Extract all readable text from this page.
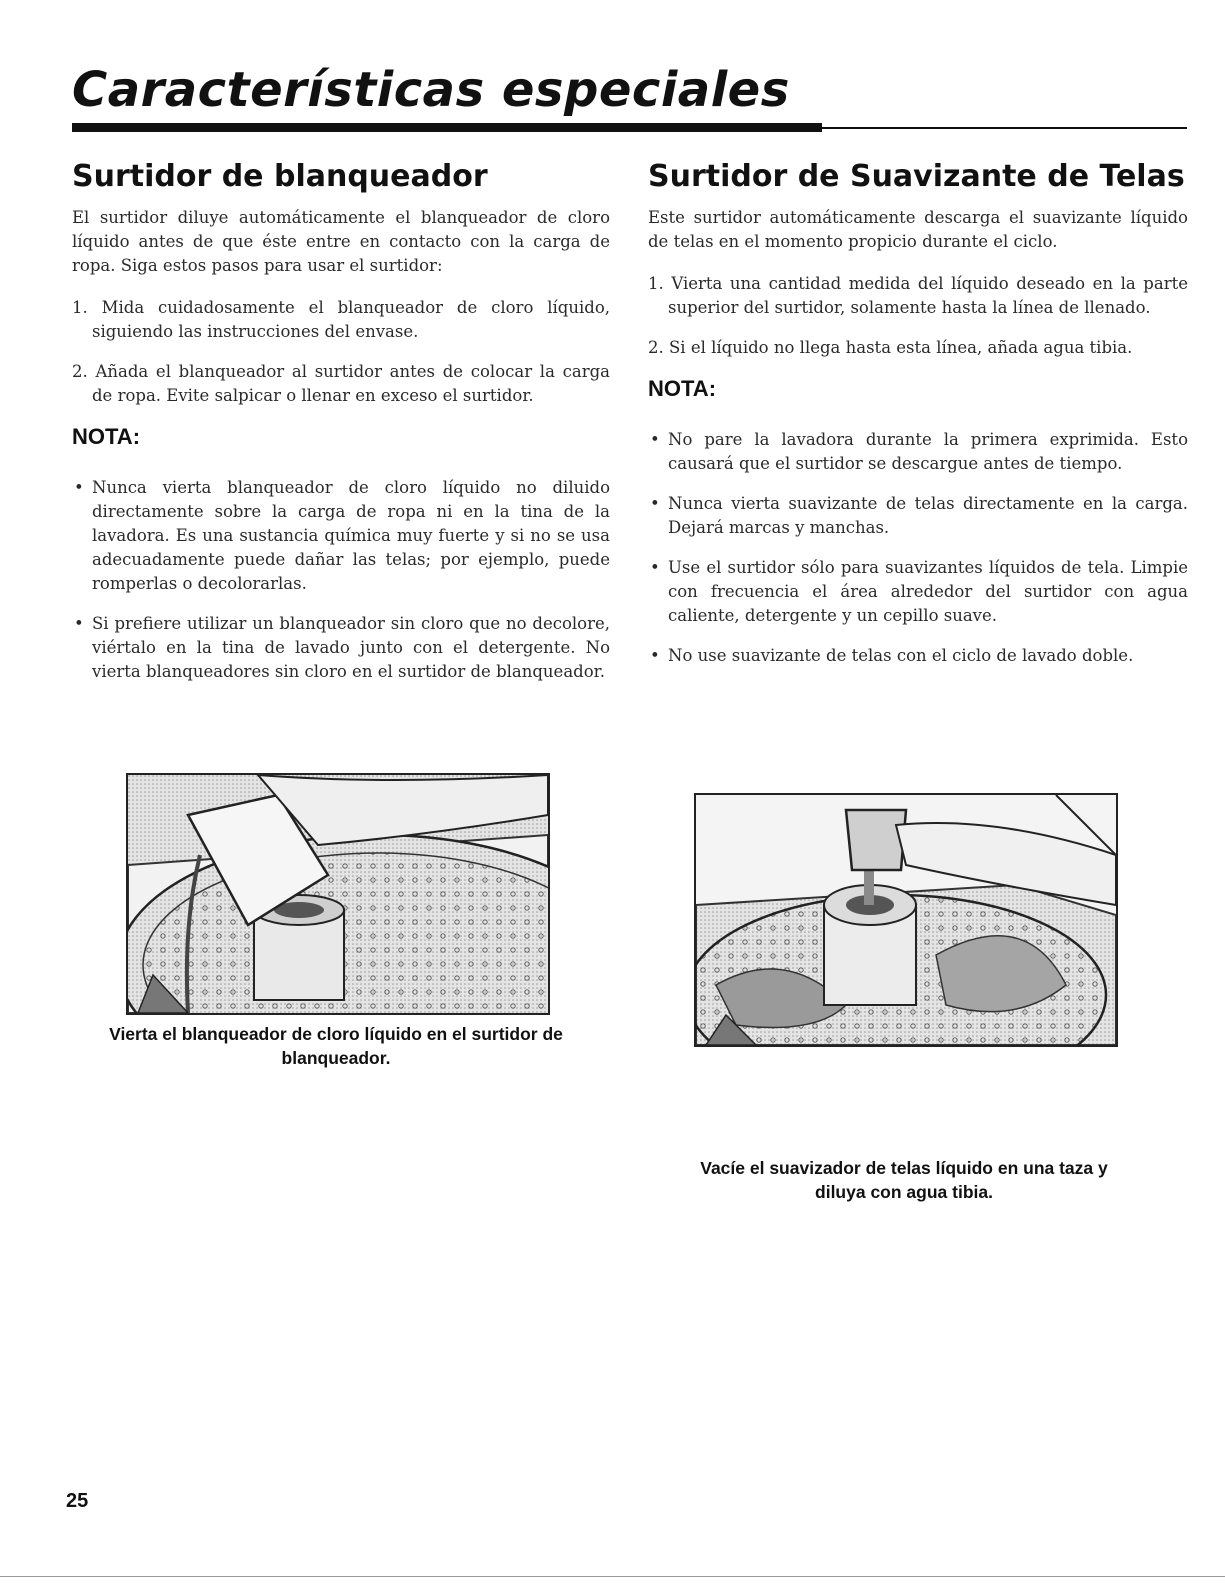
Características especiales
Surtidor de blanqueador

El surtidor diluye automáticamente el blanqueador de cloro líquido antes de que éste entre en contacto con la carga de ropa. Siga estos pasos para usar el surtidor:

1. Mida cuidadosamente el blanqueador de cloro líquido, siguiendo las instrucciones del envase.
2. Añada el blanqueador al surtidor antes de colocar la carga de ropa. Evite salpicar o llenar en exceso el surtidor.
NOTA:
• Nunca vierta blanqueador de cloro líquido no diluido directamente sobre la carga de ropa ni en la tina de la lavadora. Es una sustancia química muy fuerte y si no se usa adecuadamente puede dañar las telas; por ejemplo, puede romperlas o decolorarlas.
• Si prefiere utilizar un blanqueador sin cloro que no decolore, viértalo en la tina de lavado junto con el detergente. No vierta blanqueadores sin cloro en el surtidor de blanqueador.
Surtidor de Suavizante de Telas

Este surtidor automáticamente descarga el suavizante líquido de telas en el momento propicio durante el ciclo.

1. Vierta una cantidad medida del líquido deseado en la parte superior del surtidor, solamente hasta la línea de llenado.
2. Si el líquido no llega hasta esta línea, añada agua tibia.
NOTA:
• No pare la lavadora durante la primera exprimida. Esto causará que el surtidor se descargue antes de tiempo.
• Nunca vierta suavizante de telas directamente en la carga. Dejará marcas y manchas.
• Use el surtidor sólo para suavizantes líquidos de tela. Limpie con frecuencia el área alrededor del surtidor con agua caliente, detergente y un cepillo suave.
• No use suavizante de telas con el ciclo de lavado doble.
Vierta el blanqueador de cloro líquido en el surtidor de blanqueador.
Vacíe el suavizador de telas líquido en una taza y diluya con agua tibia.
25
